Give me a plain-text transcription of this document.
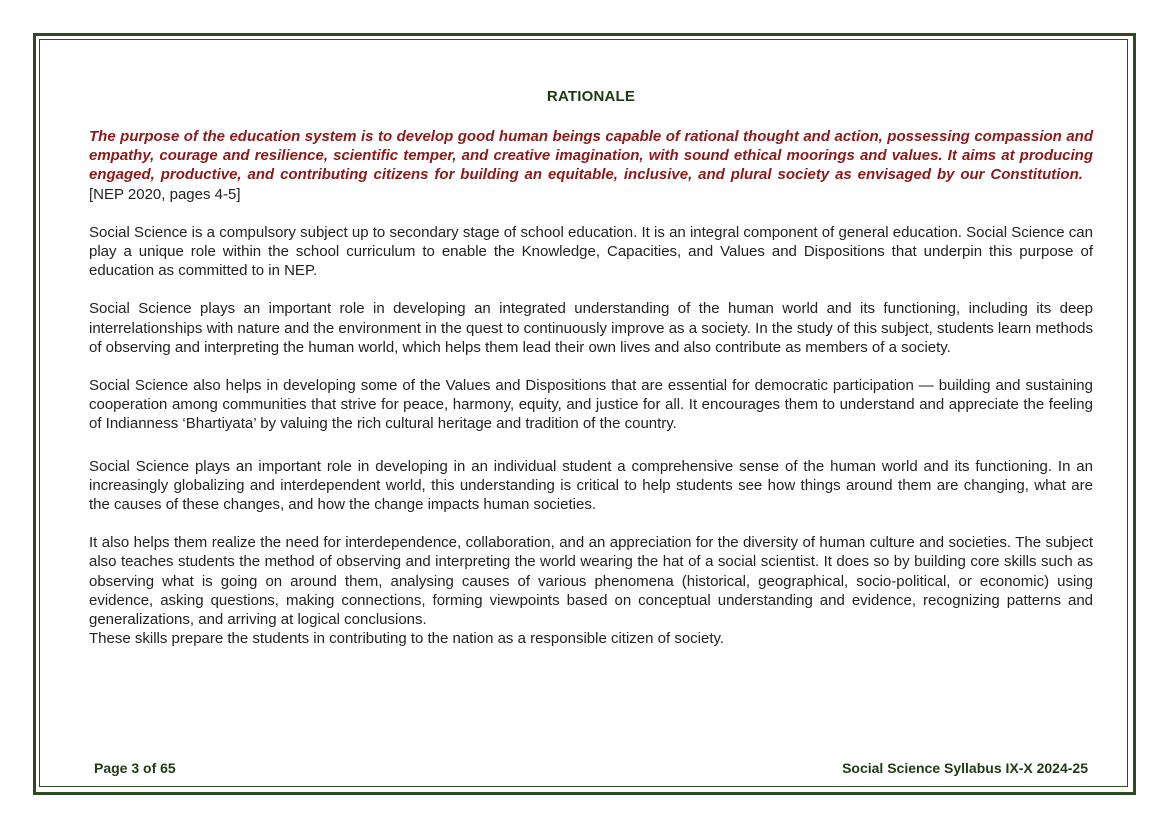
RATIONALE
The purpose of the education system is to develop good human beings capable of rational thought and action, possessing compassion and empathy, courage and resilience, scientific temper, and creative imagination, with sound ethical moorings and values. It aims at producing engaged, productive, and contributing citizens for building an equitable, inclusive, and plural society as envisaged by our Constitution.   [NEP 2020, pages 4-5]

Social Science is a compulsory subject up to secondary stage of school education. It is an integral component of general education. Social Science can play a unique role within the school curriculum to enable the Knowledge, Capacities, and Values and Dispositions that underpin this purpose of education as committed to in NEP.

Social Science plays an important role in developing an integrated understanding of the human world and its functioning, including its deep interrelationships with nature and the environment in the quest to continuously improve as a society. In the study of this subject, students learn methods of observing and interpreting the human world, which helps them lead their own lives and also contribute as members of a society.

Social Science also helps in developing some of the Values and Dispositions that are essential for democratic participation — building and sustaining cooperation among communities that strive for peace, harmony, equity, and justice for all. It encourages them to understand and appreciate the feeling of Indianness ‘Bhartiyata’ by valuing the rich cultural heritage and tradition of the country.

Social Science plays an important role in developing in an individual student a comprehensive sense of the human world and its functioning. In an increasingly globalizing and interdependent world, this understanding is critical to help students see how things around them are changing, what are the causes of these changes, and how the change impacts human societies.

It also helps them realize the need for interdependence, collaboration, and an appreciation for the diversity of human culture and societies. The subject also teaches students the method of observing and interpreting the world wearing the hat of a social scientist. It does so by building core skills such as observing what is going on around them, analysing causes of various phenomena (historical, geographical, socio-political, or economic) using evidence, asking questions, making connections, forming viewpoints based on conceptual understanding and evidence, recognizing patterns and generalizations, and arriving at logical conclusions.

These skills prepare the students in contributing to the nation as a responsible citizen of society.

Page 3 of 65	Social Science Syllabus IX-X 2024-25
